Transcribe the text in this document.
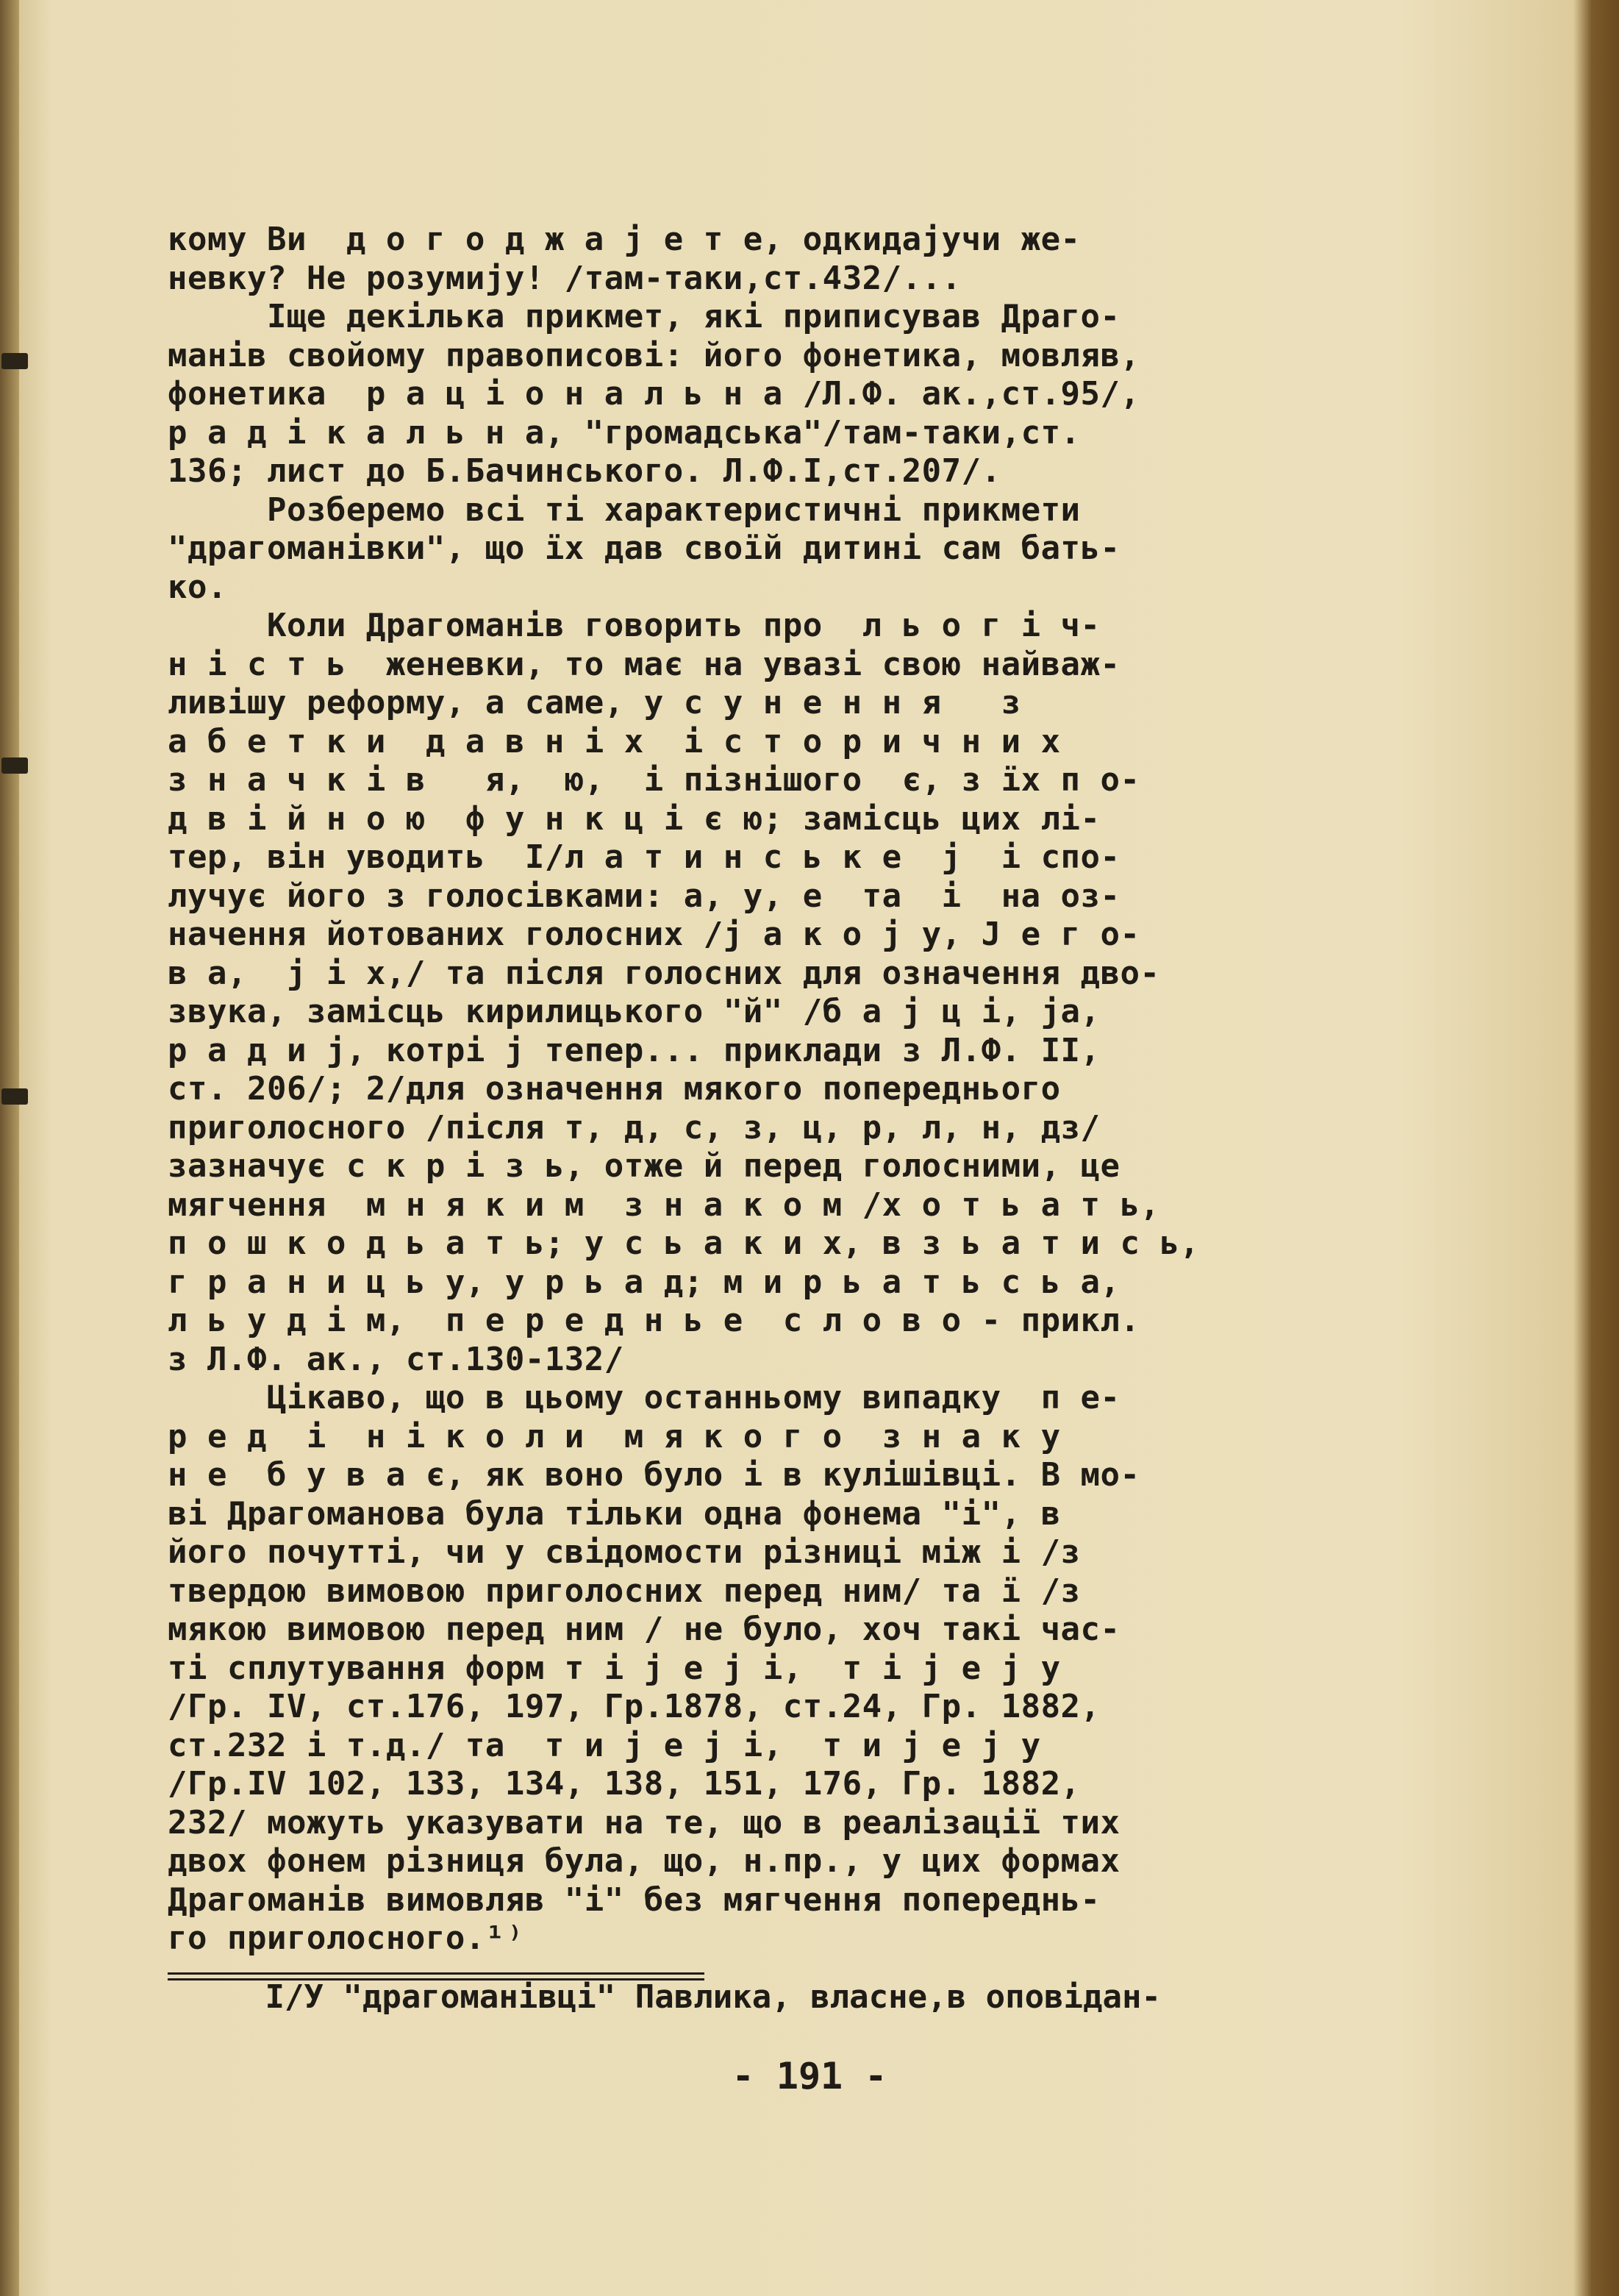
кому Ви  д о г о д ж а ј е т е, одкидајучи же-
невку? Не розумију! /там-таки,ст.432/...
Іще декілька прикмет, які приписував Драго-
манів свойому правописові: його фонетика, мовляв,
фонетика  р а ц і о н а л ь н а /Л.Ф. ак.,ст.95/,
р а д і к а л ь н а, "громадська"/там-таки,ст.
136; лист до Б.Бачинського. Л.Ф.І,ст.207/.
Розберемо всі ті характеристичні прикмети
"драгоманівки", що їх дав своїй дитині сам бать-
ко.
Коли Драгоманів говорить про  л ь о г і ч-
н і с т ь  женевки, то має на увазі свою найваж-
ливішу реформу, а саме, у с у н е н н я   з
а б е т к и  д а в н і х  і с т о р и ч н и х
з н а ч к і в   я,  ю,  і пізнішого  є, з їх п о-
д в і й н о ю  ф у н к ц і є ю; замісць цих лі-
тер, він уводить  І/л а т и н с ь к е  ј  і спо-
лучує його з голосівками: а, у, е  та  і  на оз-
начення йотованих голосних /ј а к о ј у, Ј е г о-
в а,  ј і х,/ та після голосних для означення дво-
звука, замісць кирилицького "й" /б а ј ц і, ја,
р а д и ј, котрі ј тепер... приклади з Л.Ф. ІІ,
ст. 206/; 2/для означення мякого попереднього
приголосного /після т, д, с, з, ц, р, л, н, дз/
зазначує с к р і з ь, отже й перед голосними, це
мягчення  м н я к и м  з н а к о м /х о т ь а т ь,
п о ш к о д ь а т ь; у с ь а к и х, в з ь а т и с ь,
г р а н и ц ь у, у р ь а д; м и р ь а т ь с ь а,
л ь у д і м,  п е р е д н ь е  с л о в о - прикл.
з Л.Ф. ак., ст.130-132/
Цікаво, що в цьому останньому випадку  п е-
р е д  і  н і к о л и  м я к о г о  з н а к у
н е  б у в а є, як воно було і в кулішівці. В мо-
ві Драгоманова була тільки одна фонема "і", в
його почутті, чи у свідомости різниці між і /з
твердою вимовою приголосних перед ним/ та ї /з
мякою вимовою перед ним / не було, хоч такі час-
ті сплутування форм т і ј е ј і,  т і ј е ј у
/Гр. IV, ст.176, 197, Гр.1878, ст.24, Гр. 1882,
ст.232 і т.д./ та  т и ј е ј і,  т и ј е ј у
/Гр.IV 102, 133, 134, 138, 151, 176, Гр. 1882,
232/ можуть указувати на те, що в реалізації тих
двох фонем різниця була, що, н.пр., у цих формах
Драгоманів вимовляв "і" без мягчення попереднь-
го приголосного.¹⁾
І/У "драгоманівці" Павлика, власне,в оповідан-
- 191 -
